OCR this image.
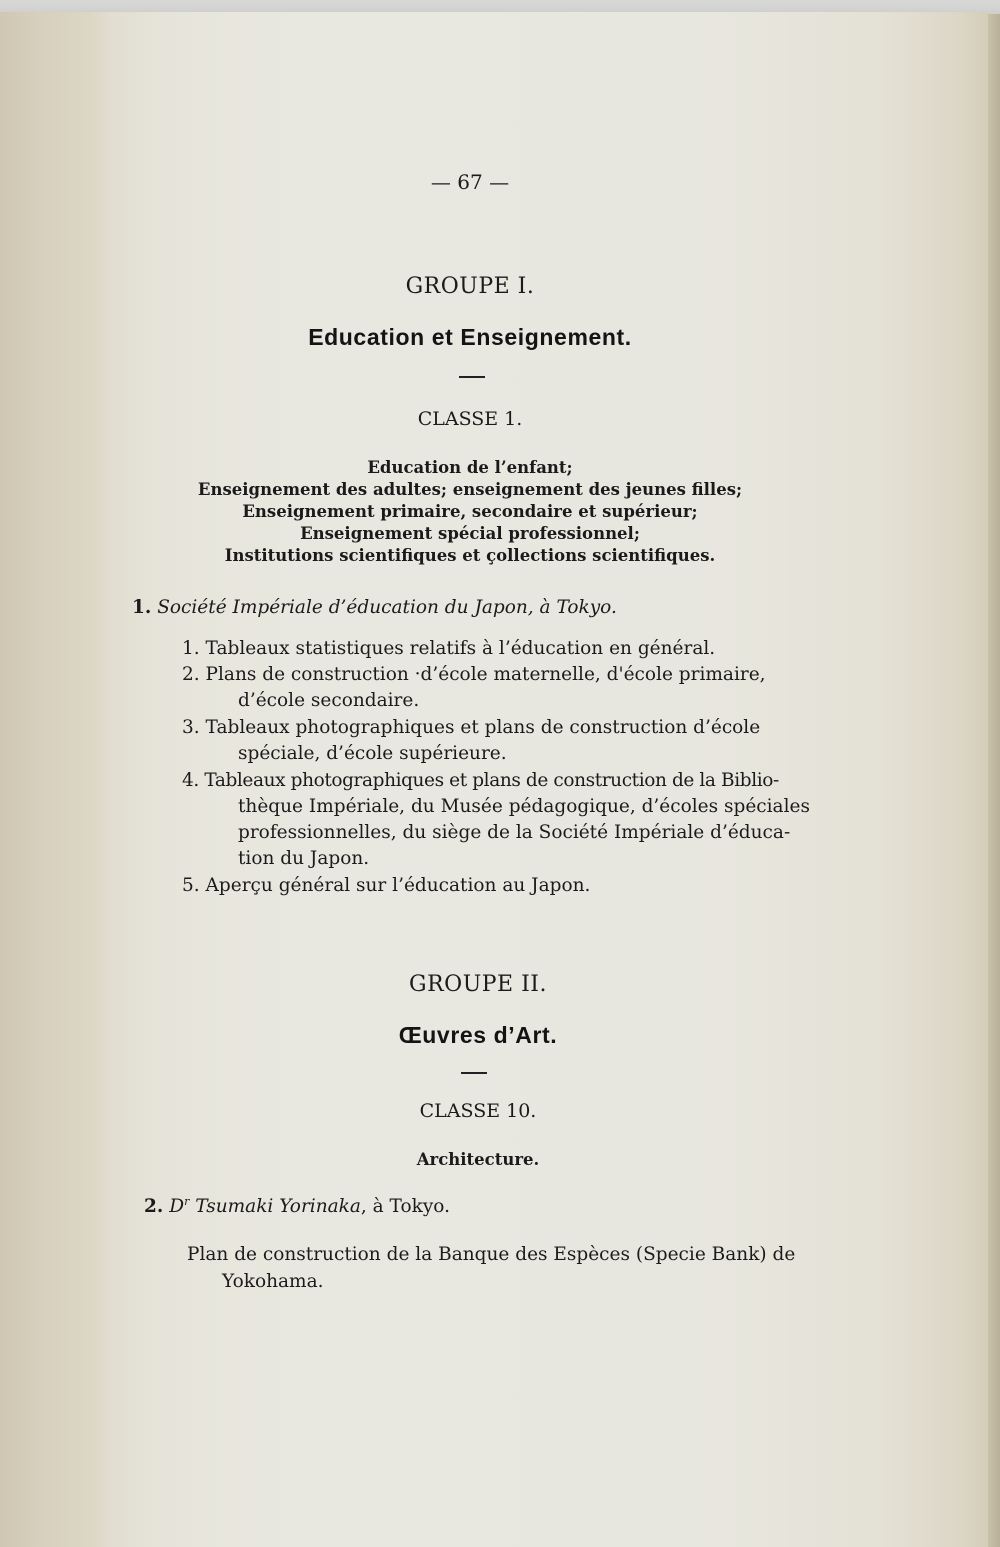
— 67 —
GROUPE I.
Education et Enseignement.
CLASSE 1.
Education de l’enfant;
Enseignement des adultes; enseignement des jeunes filles;
Enseignement primaire, secondaire et supérieur;
Enseignement spécial professionnel;
Institutions scientifiques et çollections scientifiques.
1. Société Impériale d’éducation du Japon, à Tokyo.
1. Tableaux statistiques relatifs à l’éducation en général.
2. Plans de construction ·d’école maternelle, d'école primaire,
d’école secondaire.
3. Tableaux photographiques et plans de construction d’école
spéciale, d’école supérieure.
4. Tableaux photographiques et plans de construction de la Biblio-
thèque Impériale, du Musée pédagogique, d’écoles spéciales
professionnelles, du siège de la Société Impériale d’éduca-
tion du Japon.
5. Aperçu général sur l’éducation au Japon.
GROUPE II.
Œuvres d’Art.
CLASSE 10.
Architecture.
2. $D^r$ Tsumaki Yorinaka, à Tokyo.
Plan de construction de la Banque des Espèces (Specie Bank) de
Yokohama.
